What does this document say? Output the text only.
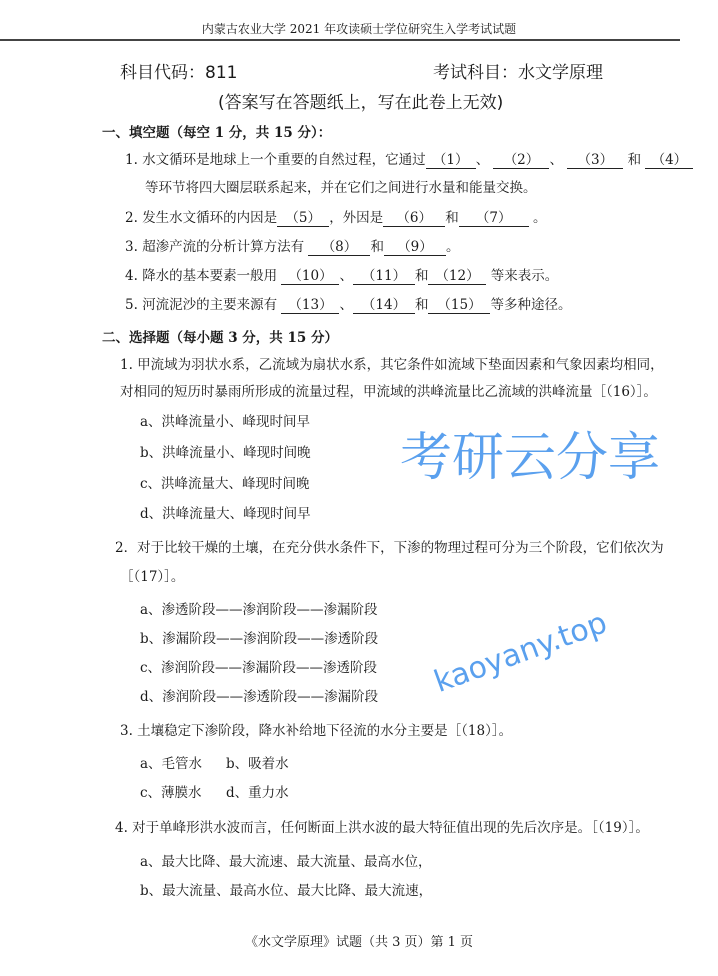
考研云分享
kaoyany.top
内蒙古农业大学 2021 年攻读硕士学位研究生入学考试试题
科目代码：811	考试科目：水文学原理
(答案写在答题纸上，写在此卷上无效)
一、填空题（每空 1 分，共 15 分）：
1. 水文循环是地球上一个重要的自然过程，它通过 （1） 、 （2） 、 （3） 和 （4）
等环节将四大圈层联系起来，并在它们之间进行水量和能量交换。
2. 发生水文循环的内因是 （5） ，外因是 （6） 和 （7） 。
3. 超渗产流的分析计算方法有 （8） 和 （9） 。
4. 降水的基本要素一般用 （10） 、 （11） 和 （12） 等来表示。
5. 河流泥沙的主要来源有 （13） 、 （14） 和 （15） 等多种途径。
二、选择题（每小题 3 分，共 15 分）
1. 甲流域为羽状水系，乙流域为扇状水系，其它条件如流域下垫面因素和气象因素均相同，
对相同的短历时暴雨所形成的流量过程，甲流域的洪峰流量比乙流域的洪峰流量［（16）］。
a、洪峰流量小、峰现时间早
b、洪峰流量小、峰现时间晚
c、洪峰流量大、峰现时间晚
d、洪峰流量大、峰现时间早
2．对于比较干燥的土壤，在充分供水条件下，下渗的物理过程可分为三个阶段，它们依次为
［（17）］。
a、渗透阶段——渗润阶段——渗漏阶段
b、渗漏阶段——渗润阶段——渗透阶段
c、渗润阶段——渗漏阶段——渗透阶段
d、渗润阶段——渗透阶段——渗漏阶段
3. 土壤稳定下渗阶段，降水补给地下径流的水分主要是［（18）］。
a、毛管水 b、吸着水
c、薄膜水 d、重力水
4. 对于单峰形洪水波而言，任何断面上洪水波的最大特征值出现的先后次序是。［（19）］。
a、最大比降、最大流速、最大流量、最高水位，
b、最大流量、最高水位、最大比降、最大流速，
《水文学原理》试题（共 3 页）第 1 页
